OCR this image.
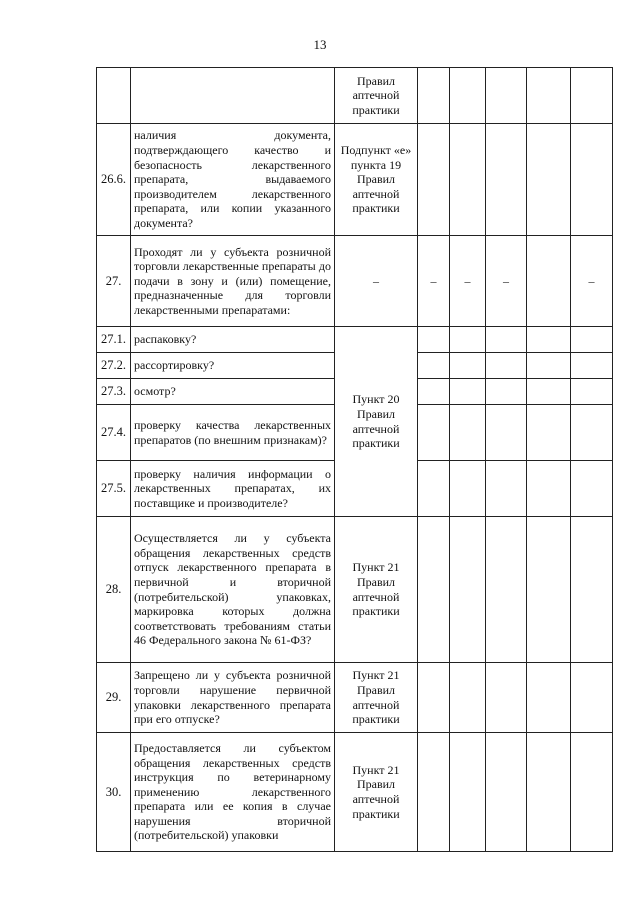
13
		Правил аптечной практики					
26.6.	наличия документа, подтверждающего качество и безопасность лекарственного препарата, выдаваемого производителем лекарственного препарата, или копии указанного документа?	Подпункт «е» пункта 19 Правил аптечной практики					
27.	Проходят ли у субъекта розничной торговли лекарственные препараты до подачи в зону и (или) помещение, предназначенные для торговли лекарственными препаратами:	–	–	–	–		–
27.1.	распаковку?	Пункт 20 Правил аптечной практики					
27.2.	рассортировку?						
27.3.	осмотр?						
27.4.	проверку качества лекарственных препаратов (по внешним признакам)?						
27.5.	проверку наличия информации о лекарственных препаратах, их поставщике и производителе?						
28.	Осуществляется ли у субъекта обращения лекарственных средств отпуск лекарственного препарата в первичной и вторичной (потребительской) упаковках, маркировка которых должна соответствовать требованиям статьи 46 Федерального закона № 61-ФЗ?	Пункт 21 Правил аптечной практики					
29.	Запрещено ли у субъекта розничной торговли нарушение первичной упаковки лекарственного препарата при его отпуске?	Пункт 21 Правил аптечной практики					
30.	Предоставляется ли субъектом обращения лекарственных средств инструкция по ветеринарному применению лекарственного препарата или ее копия в случае нарушения вторичной (потребительской) упаковки	Пункт 21 Правил аптечной практики					
